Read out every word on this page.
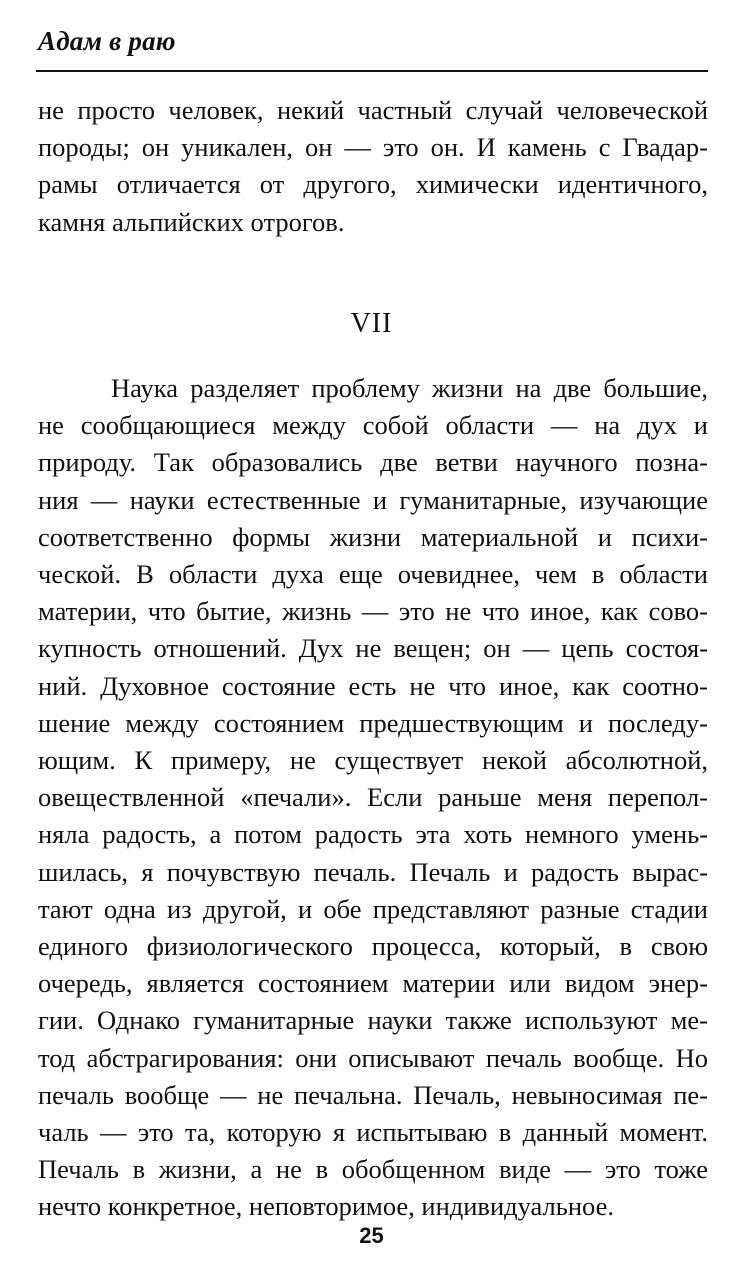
Адам в раю
не просто человек, некий частный случай человеческой
породы; он уникален, он — это он. И камень с Гвадар-
рамы отличается от другого, химически идентичного,
камня альпийских отрогов.
VII
Наука разделяет проблему жизни на две большие,
не сообщающиеся между собой области — на дух и
природу. Так образовались две ветви научного позна-
ния — науки естественные и гуманитарные, изучающие
соответственно формы жизни материальной и психи-
ческой. В области духа еще очевиднее, чем в области
материи, что бытие, жизнь — это не что иное, как сово-
купность отношений. Дух не вещен; он — цепь состоя-
ний. Духовное состояние есть не что иное, как соотно-
шение между состоянием предшествующим и последу-
ющим. К примеру, не существует некой абсолютной,
овеществленной «печали». Если раньше меня перепол-
няла радость, а потом радость эта хоть немного умень-
шилась, я почувствую печаль. Печаль и радость вырас-
тают одна из другой, и обе представляют разные стадии
единого физиологического процесса, который, в свою
очередь, является состоянием материи или видом энер-
гии. Однако гуманитарные науки также используют ме-
тод абстрагирования: они описывают печаль вообще. Но
печаль вообще — не печальна. Печаль, невыносимая пе-
чаль — это та, которую я испытываю в данный момент.
Печаль в жизни, а не в обобщенном виде — это тоже
нечто конкретное, неповторимое, индивидуальное.
25
